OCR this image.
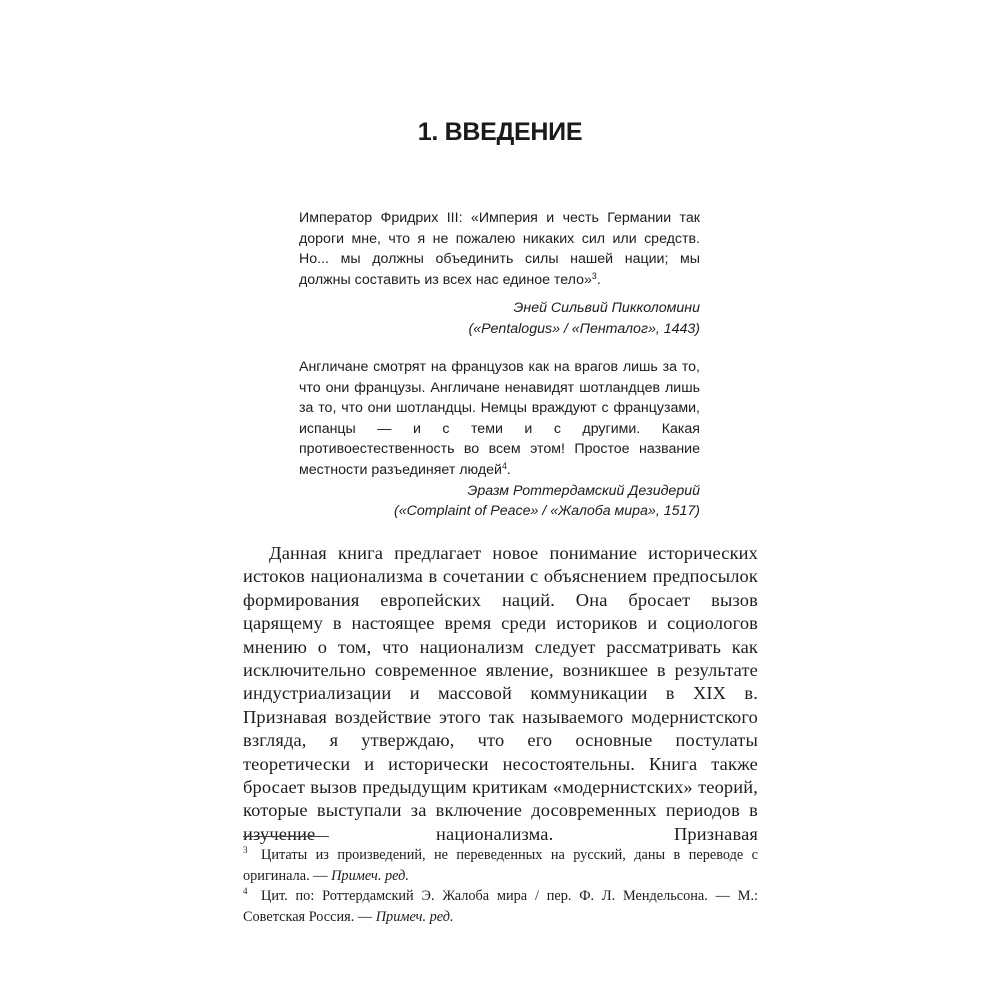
1. ВВЕДЕНИЕ

Император Фридрих III: «Империя и честь Германии так дороги мне, что я не пожалею никаких сил или средств. Но... мы должны объединить силы нашей нации; мы должны составить из всех нас единое тело»$^3$.

Эней Сильвий Пикколомини

(«Pentalogus» / «Пенталог», 1443)

Англичане смотрят на французов как на врагов лишь за то, что они французы. Англичане ненавидят шотландцев лишь за то, что они шотландцы. Немцы враждуют с французами, испанцы — и с теми и с другими. Какая противоестественность во всем этом! Простое название местности разъединяет людей$^4$.

Эразм Роттердамский Дезидерий

(«Complaint of Peace» / «Жалоба мира», 1517)

Данная книга предлагает новое понимание исторических истоков национализма в сочетании с объяснением предпосылок формирования европейских наций. Она бросает вызов царящему в настоящее время среди историков и социологов мнению о том, что национализм следует рассматривать как исключительно современное явление, возникшее в результате индустриализации и массовой коммуникации в XIX в. Признавая воздействие этого так называемого модернистского взгляда, я утверждаю, что его основные постулаты теоретически и исторически несостоятельны. Книга также бросает вызов предыдущим критикам «модернистских» теорий, которые выступали за включение досовременных периодов в изучение национализма. Признавая

3 Цитаты из произведений, не переведенных на русский, даны в переводе с оригинала. — Примеч. ред.

4 Цит. по: Роттердамский Э. Жалоба мира / пер. Ф. Л. Мендельсона. — М.: Советская Россия. — Примеч. ред.
